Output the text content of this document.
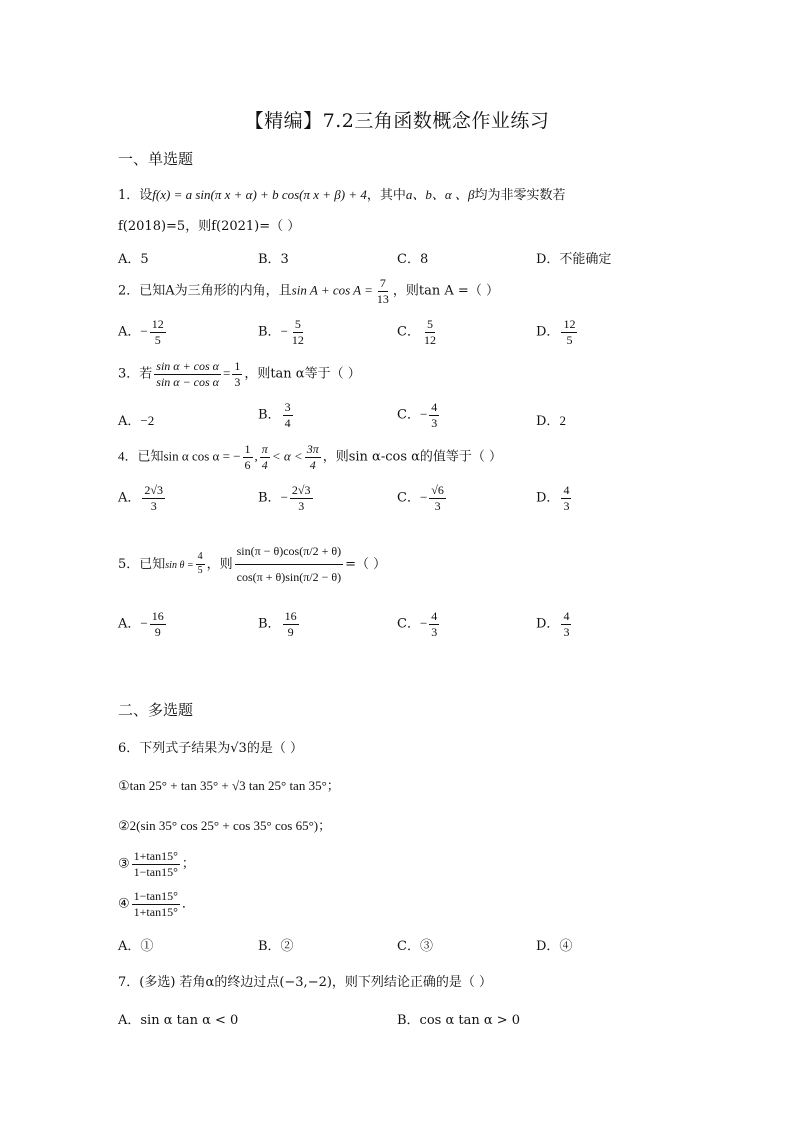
【精编】7.2三角函数概念作业练习
一、单选题
1．设f(x) = a sin(π x + α) + b cos(π x + β) + 4，其中a、b、α 、β均为非零实数若
f(2018)=5，则f(2021)=（ ）
A．5	B．3	C．8	D．不能确定
2．已知A为三角形的内角，且$\sin A + \cos A = \frac{7}{13}$ ，则tan A =（ ）
A．− $\frac{12}{5}$	B．− $\frac{5}{12}$	C． $\frac{5}{12}$	D． $\frac{12}{5}$
3．若 $\frac{\text{sin α + cos α}}{\text{sin α − cos α}} = \frac{1}{3}$ ，则tan α等于（ ）
A．−2	B． $\frac{3}{4}$	C．− $\frac{4}{3}$	D．2
4．已知sin α cos α = − $\frac{1}{6}$ , $\frac{\pi}{4} < \alpha < \frac{3\pi}{4}$ ，则sin α-cos α的值等于（ ）
A． $\frac{2√3}{3}$	B．− $\frac{2√3}{3}$	C．− $\frac{√6}{3}$	D． $\frac{4}{3}$
5．已知$\sin \theta = \frac{4}{5}$ ，则 $\frac{\sin(\pi - \theta)\cos(\pi/2 + \theta)}{\cos(\pi + \theta)\sin(\pi/2 - \theta)}$ =（ ）
A．− $\frac{16}{9}$	B． $\frac{16}{9}$	C．− $\frac{4}{3}$	D． $\frac{4}{3}$
二、多选题
6．下列式子结果为√3的是（ ）
①tan 25° + tan 35° + √3 tan 25° tan 35°；
②2(sin 35° cos 25° + cos 35° cos 65°)；
③ $\frac{1+\tan 15^\circ}{1-\tan 15^\circ}$ ；
④ $\frac{1-\tan 15^\circ}{1+\tan 15^\circ}$ ．
A．①	B．②	C．③	D．④
7．(多选) 若角α的终边过点(−3,−2)，则下列结论正确的是（ ）
A．sin α tan α < 0	B．cos α tan α > 0
